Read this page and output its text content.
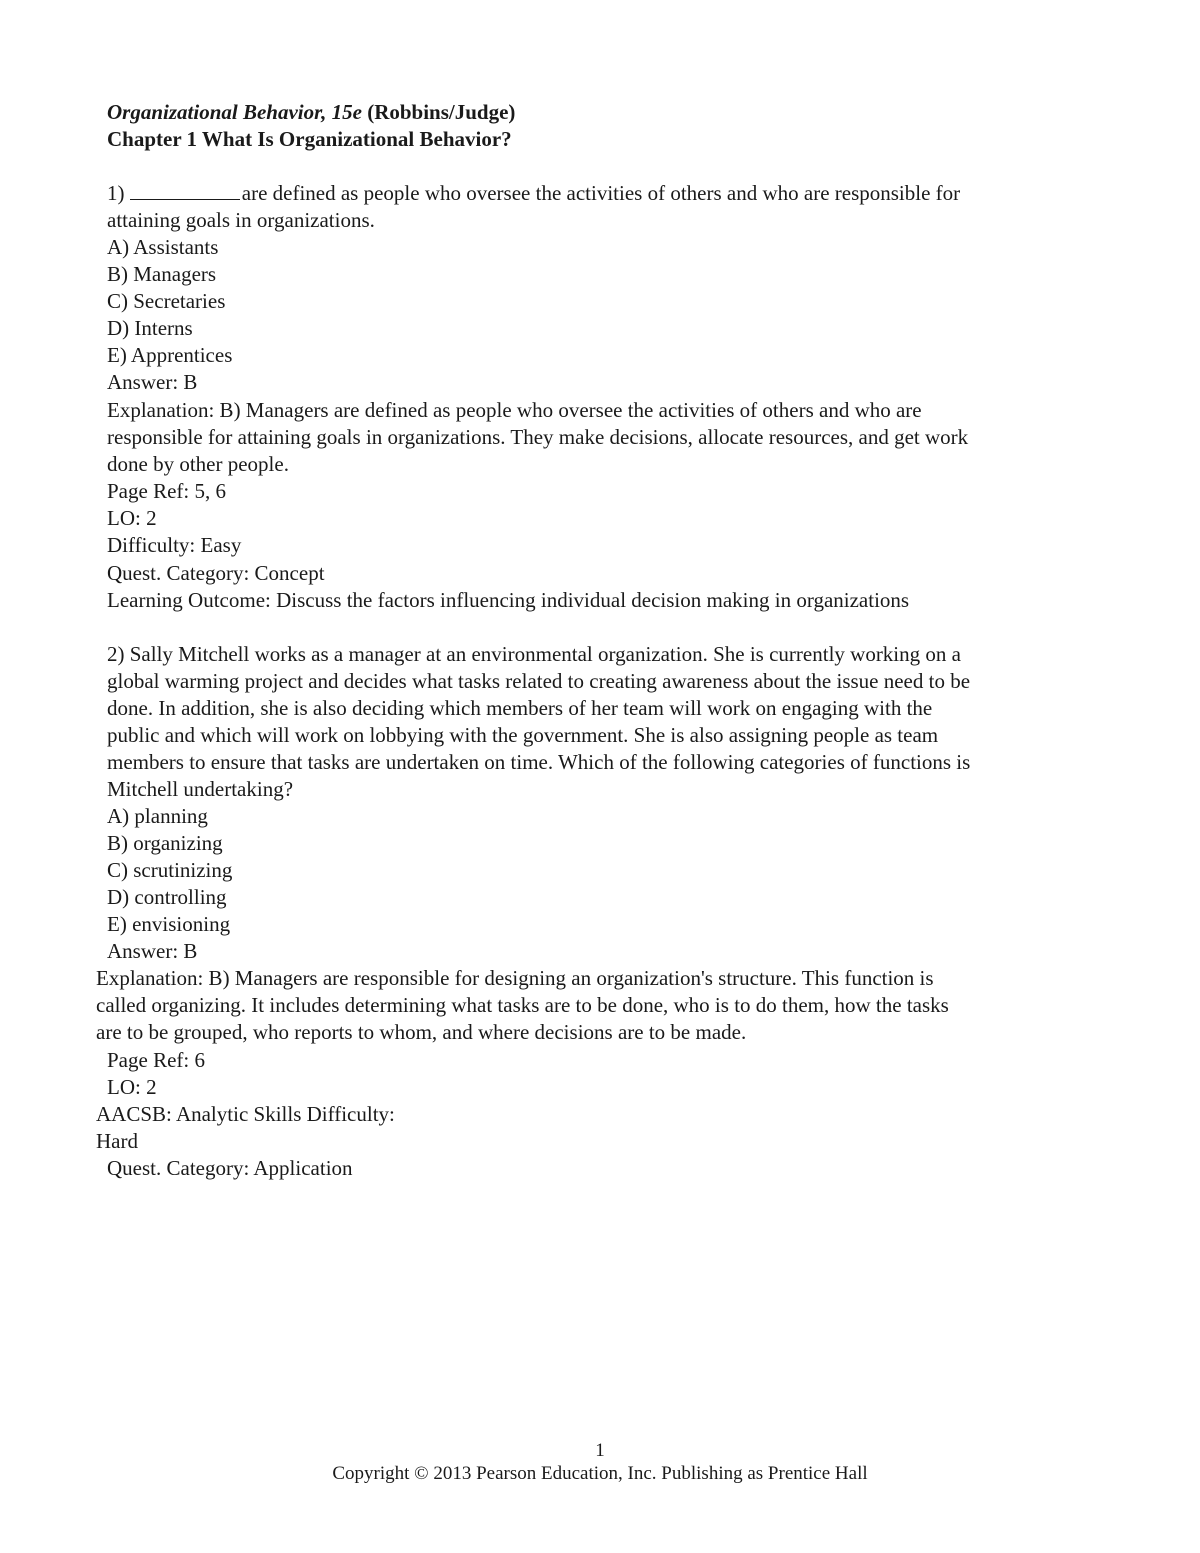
Organizational Behavior, 15e (Robbins/Judge)
Chapter 1 What Is Organizational Behavior?
1)	are defined as people who oversee the activities of others and who are responsible for
attaining goals in organizations.
A) Assistants
B) Managers
C) Secretaries
D) Interns
E) Apprentices
Answer: B
Explanation: B) Managers are defined as people who oversee the activities of others and who are
responsible for attaining goals in organizations. They make decisions, allocate resources, and get work
done by other people.
Page Ref: 5, 6
LO: 2
Difficulty: Easy
Quest. Category: Concept
Learning Outcome: Discuss the factors influencing individual decision making in organizations
2) Sally Mitchell works as a manager at an environmental organization. She is currently working on a
global warming project and decides what tasks related to creating awareness about the issue need to be
done. In addition, she is also deciding which members of her team will work on engaging with the
public and which will work on lobbying with the government. She is also assigning people as team
members to ensure that tasks are undertaken on time. Which of the following categories of functions is
Mitchell undertaking?
A) planning
B) organizing
C) scrutinizing
D) controlling
E) envisioning
Answer: B
Explanation: B) Managers are responsible for designing an organization's structure. This function is
called organizing. It includes determining what tasks are to be done, who is to do them, how the tasks
are to be grouped, who reports to whom, and where decisions are to be made.
Page Ref: 6
LO: 2
AACSB: Analytic Skills Difficulty:
Hard
Quest. Category: Application
1
Copyright © 2013 Pearson Education, Inc. Publishing as Prentice Hall
